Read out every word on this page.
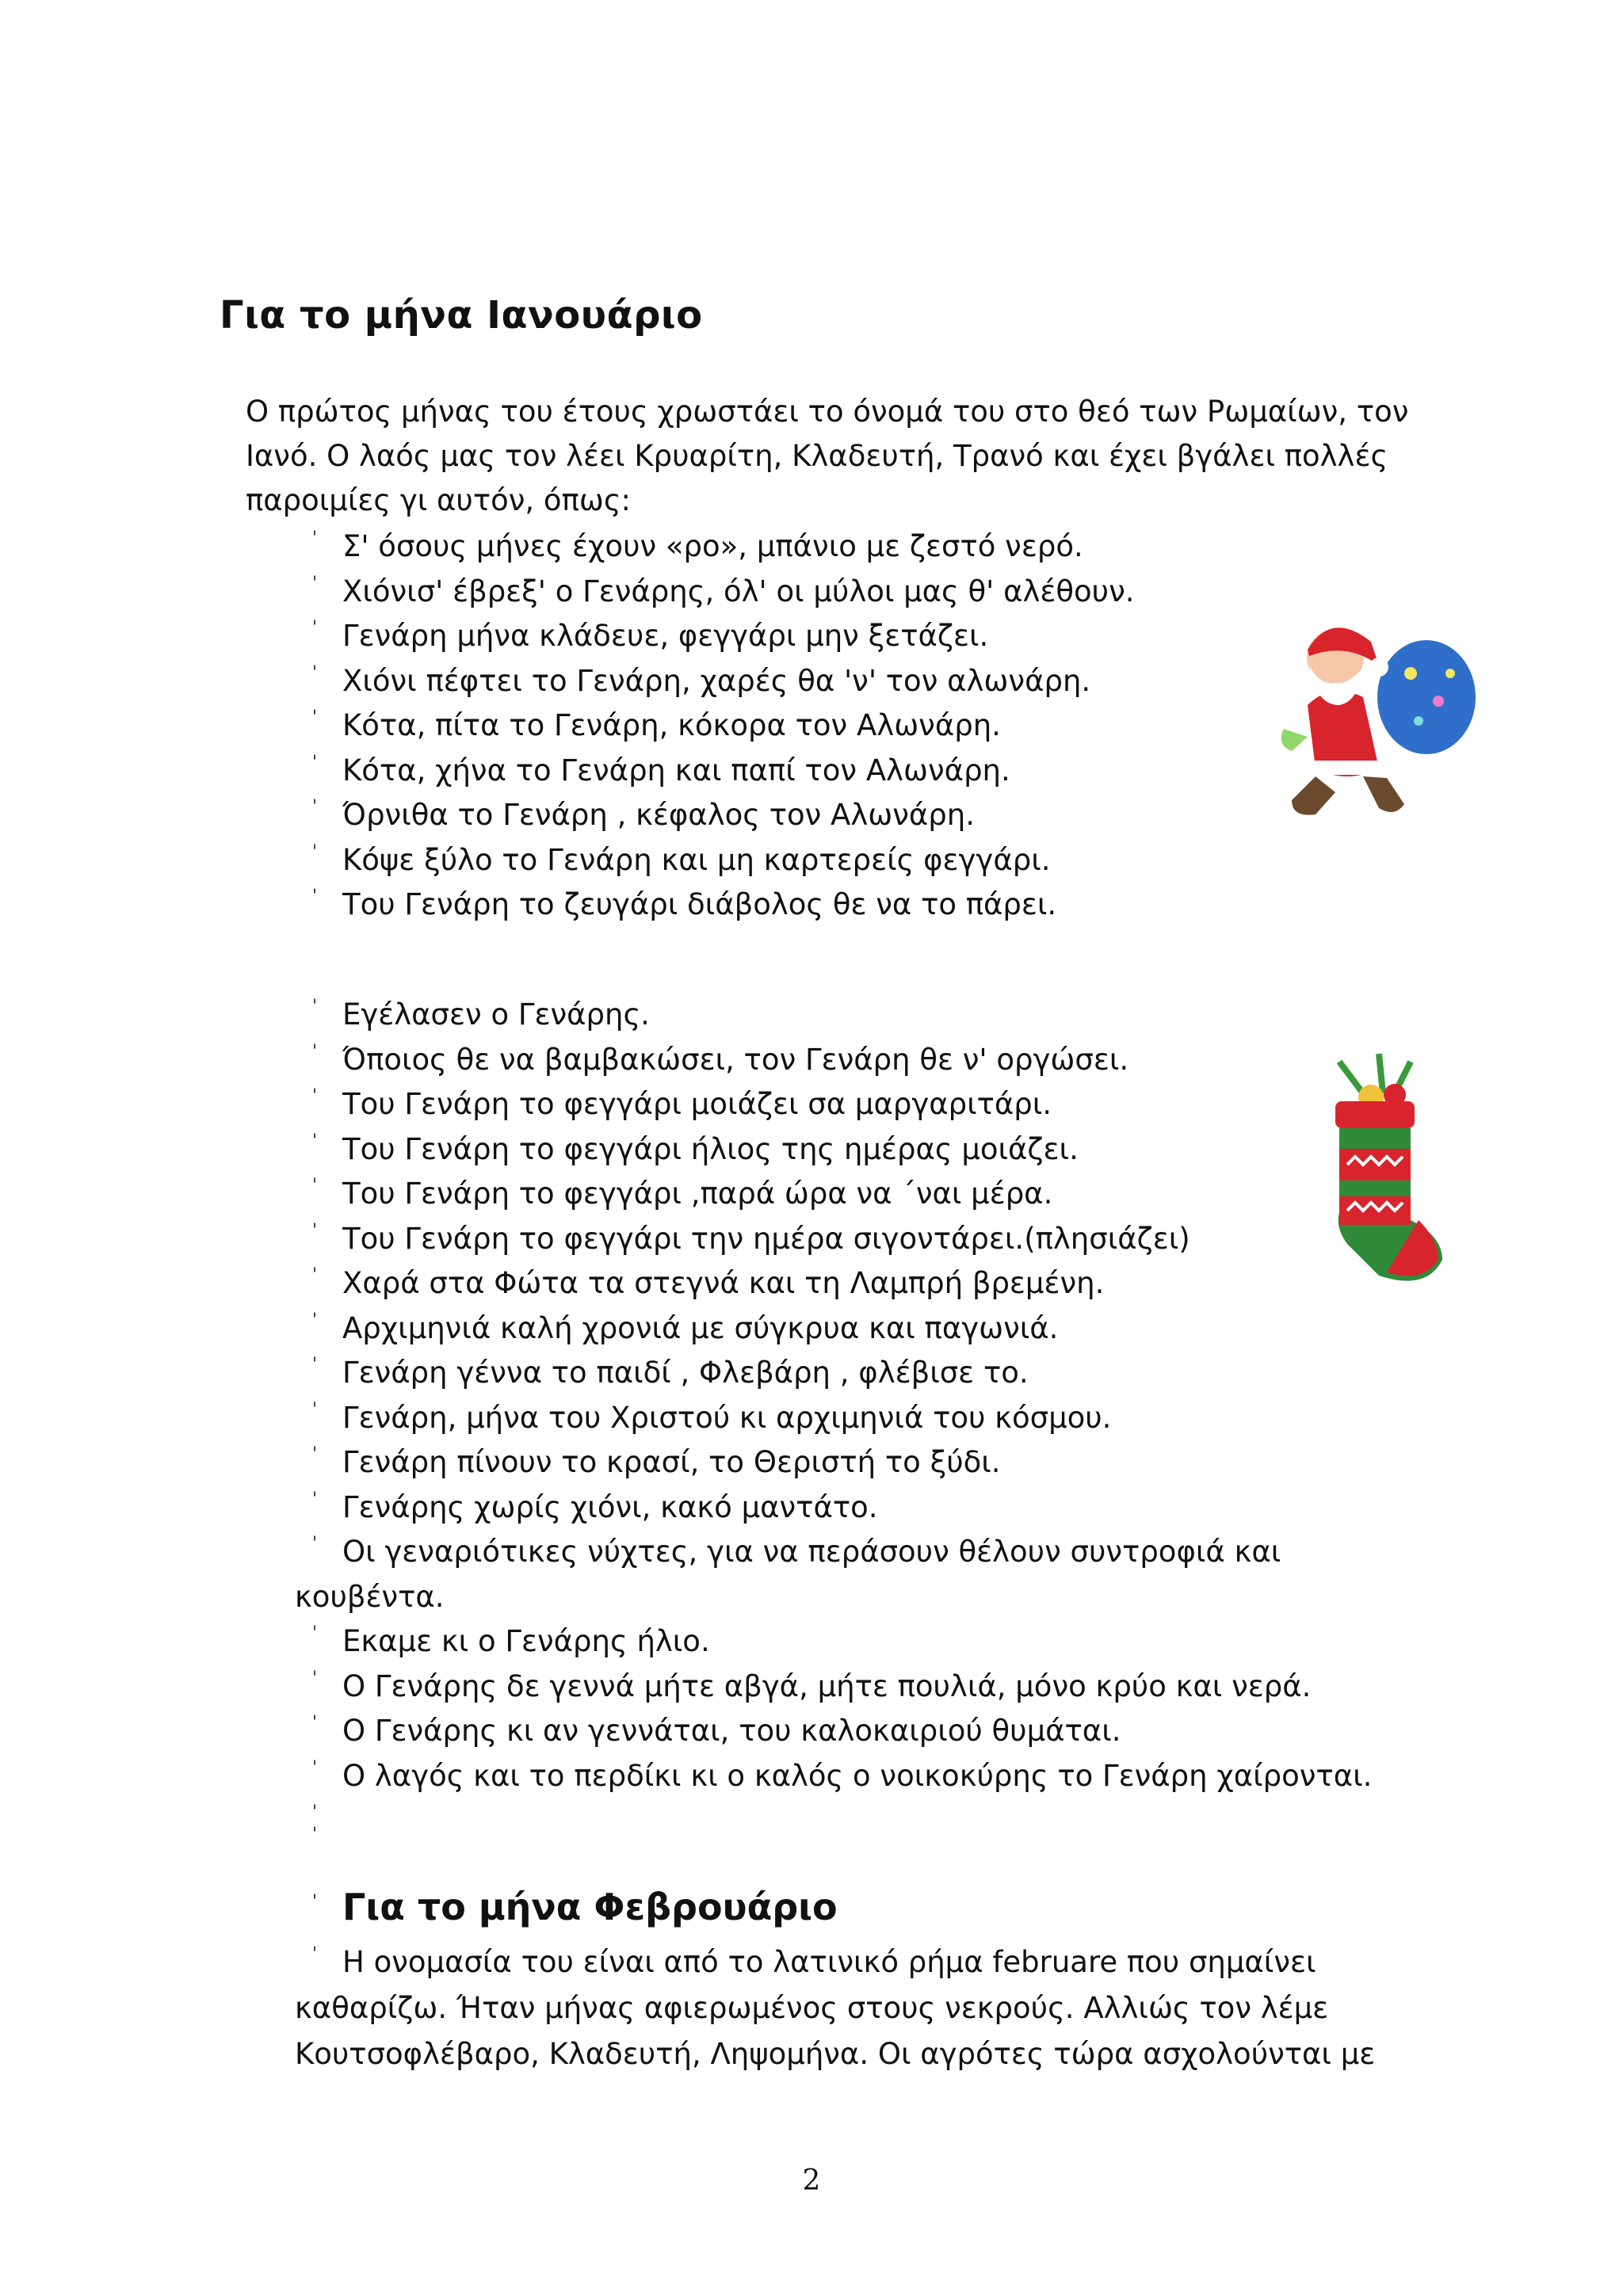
Για το μήνα Ιανουάριο

Ο πρώτος μήνας του έτους χρωστάει το όνομά του στο θεό των Ρωμαίων, τον Ιανό. Ο λαός μας τον λέει Κρυαρίτη, Κλαδευτή, Τρανό και έχει βγάλει πολλές παροιμίες γι αυτόν, όπως:

' Σ' όσους μήνες έχουν «ρο», μπάνιο με ζεστό νερό.
' Χιόνισ' έβρεξ' ο Γενάρης, όλ' οι μύλοι μας θ' αλέθουν.
' Γενάρη μήνα κλάδευε, φεγγάρι μην ξετάζει.
' Χιόνι πέφτει το Γενάρη, χαρές θα 'ν' τον αλωνάρη.
' Κότα, πίτα το Γενάρη, κόκορα τον Αλωνάρη.
' Κότα, χήνα το Γενάρη και παπί τον Αλωνάρη.
' Όρνιθα το Γενάρη , κέφαλος τον Αλωνάρη.
' Κόψε ξύλο το Γενάρη και μη καρτερείς φεγγάρι.
' Του Γενάρη το ζευγάρι διάβολος θε να το πάρει.
' Εγέλασεν ο Γενάρης.
' Όποιος θε να βαμβακώσει, τον Γενάρη θε ν' οργώσει.
' Του Γενάρη το φεγγάρι μοιάζει σα μαργαριτάρι.
' Του Γενάρη το φεγγάρι ήλιος της ημέρας μοιάζει.
' Του Γενάρη το φεγγάρι ,παρά ώρα να ΄ναι μέρα.
' Του Γενάρη το φεγγάρι την ημέρα σιγοντάρει.(πλησιάζει)
' Χαρά στα Φώτα τα στεγνά και τη Λαμπρή βρεμένη.
' Αρχιμηνιά καλή χρονιά με σύγκρυα και παγωνιά.
' Γενάρη γέννα το παιδί , Φλεβάρη , φλέβισε το.
' Γενάρη, μήνα του Χριστού κι αρχιμηνιά του κόσμου.
' Γενάρη πίνουν το κρασί, το Θεριστή το ξύδι.
' Γενάρης χωρίς χιόνι, κακό μαντάτο.
' Οι γεναριότικες νύχτες, για να περάσουν θέλουν συντροφιά και
κουβέντα.
' Εκαμε κι ο Γενάρης ήλιο.
' Ο Γενάρης δε γεννά μήτε αβγά, μήτε πουλιά, μόνο κρύο και νερά.
' Ο Γενάρης κι αν γεννάται, του καλοκαιριού θυμάται.
' Ο λαγός και το περδίκι κι ο καλός ο νοικοκύρης το Γενάρη χαίρονται.
'
'
' Για το μήνα Φεβρουάριο
' Η ονομασία του είναι από το λατινικό ρήμα februare που σημαίνει καθαρίζω. Ήταν μήνας αφιερωμένος στους νεκρούς. Αλλιώς τον λέμε Κουτσοφλέβαρο, Κλαδευτή, Ληψομήνα. Οι αγρότες τώρα ασχολούνται με

2
